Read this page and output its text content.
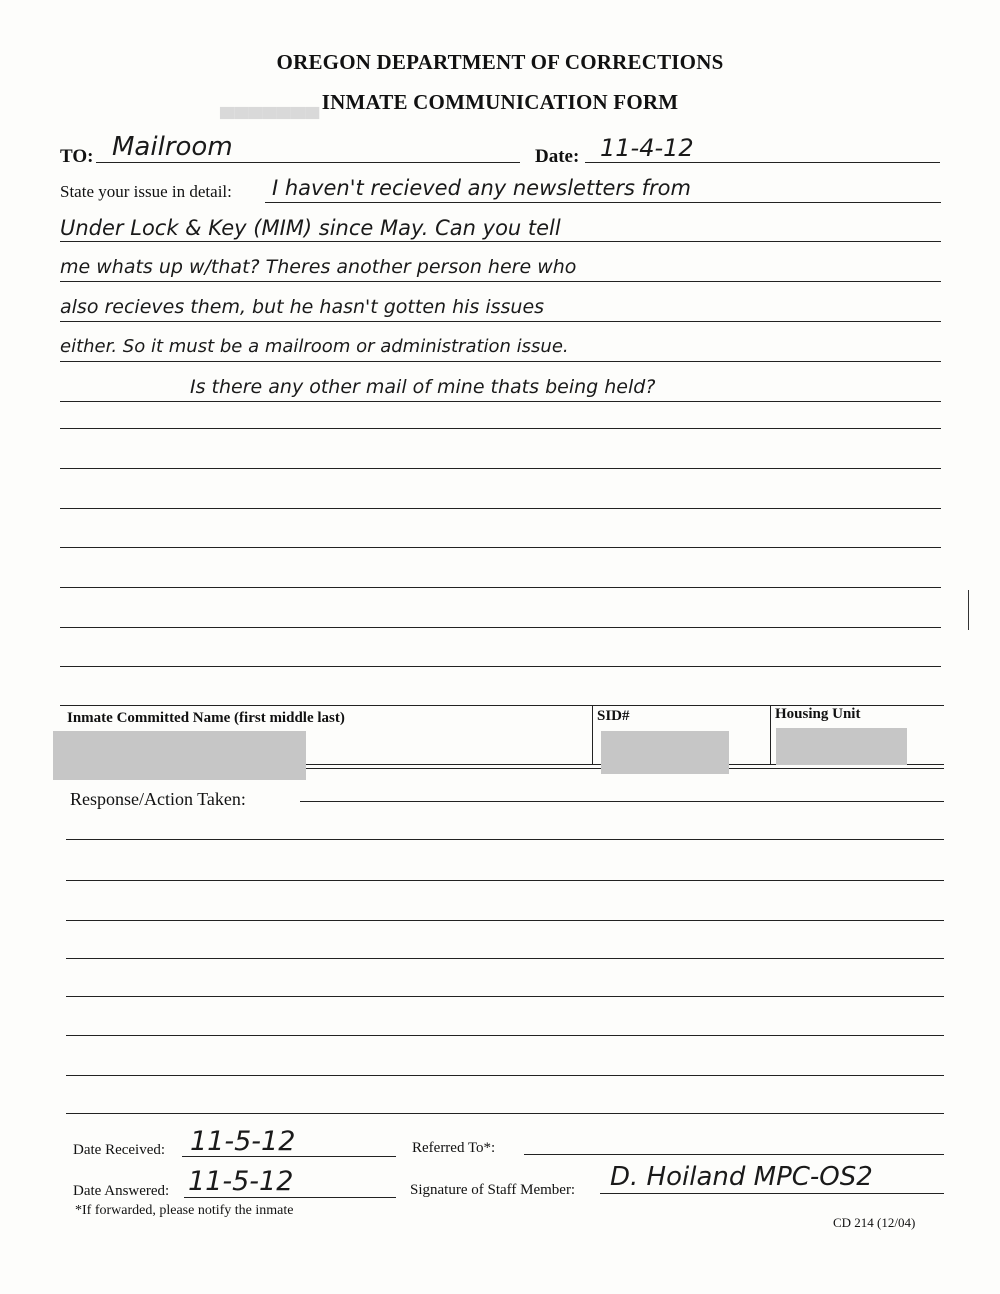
▄▄▄▄▄▄▄
OREGON DEPARTMENT OF CORRECTIONS
INMATE COMMUNICATION FORM
TO: Mailroom	Date: 11-4-12
State your issue in detail: I haven't recieved any newsletters from
Under Lock & Key (MIM) since May. Can you tell
me whats up w/that? Theres another person here who
also recieves them, but he hasn't gotten his issues
either. So it must be a mailroom or administration issue.
Is there any other mail of mine thats being held?
Inmate Committed Name (first middle last)	SID#	Housing Unit
Response/Action Taken:
Date Received: 11-5-12	Referred To*:
Date Answered: 11-5-12	Signature of Staff Member: D. Hoiland MPC-OS2
*If forwarded, please notify the inmate
CD 214 (12/04)
